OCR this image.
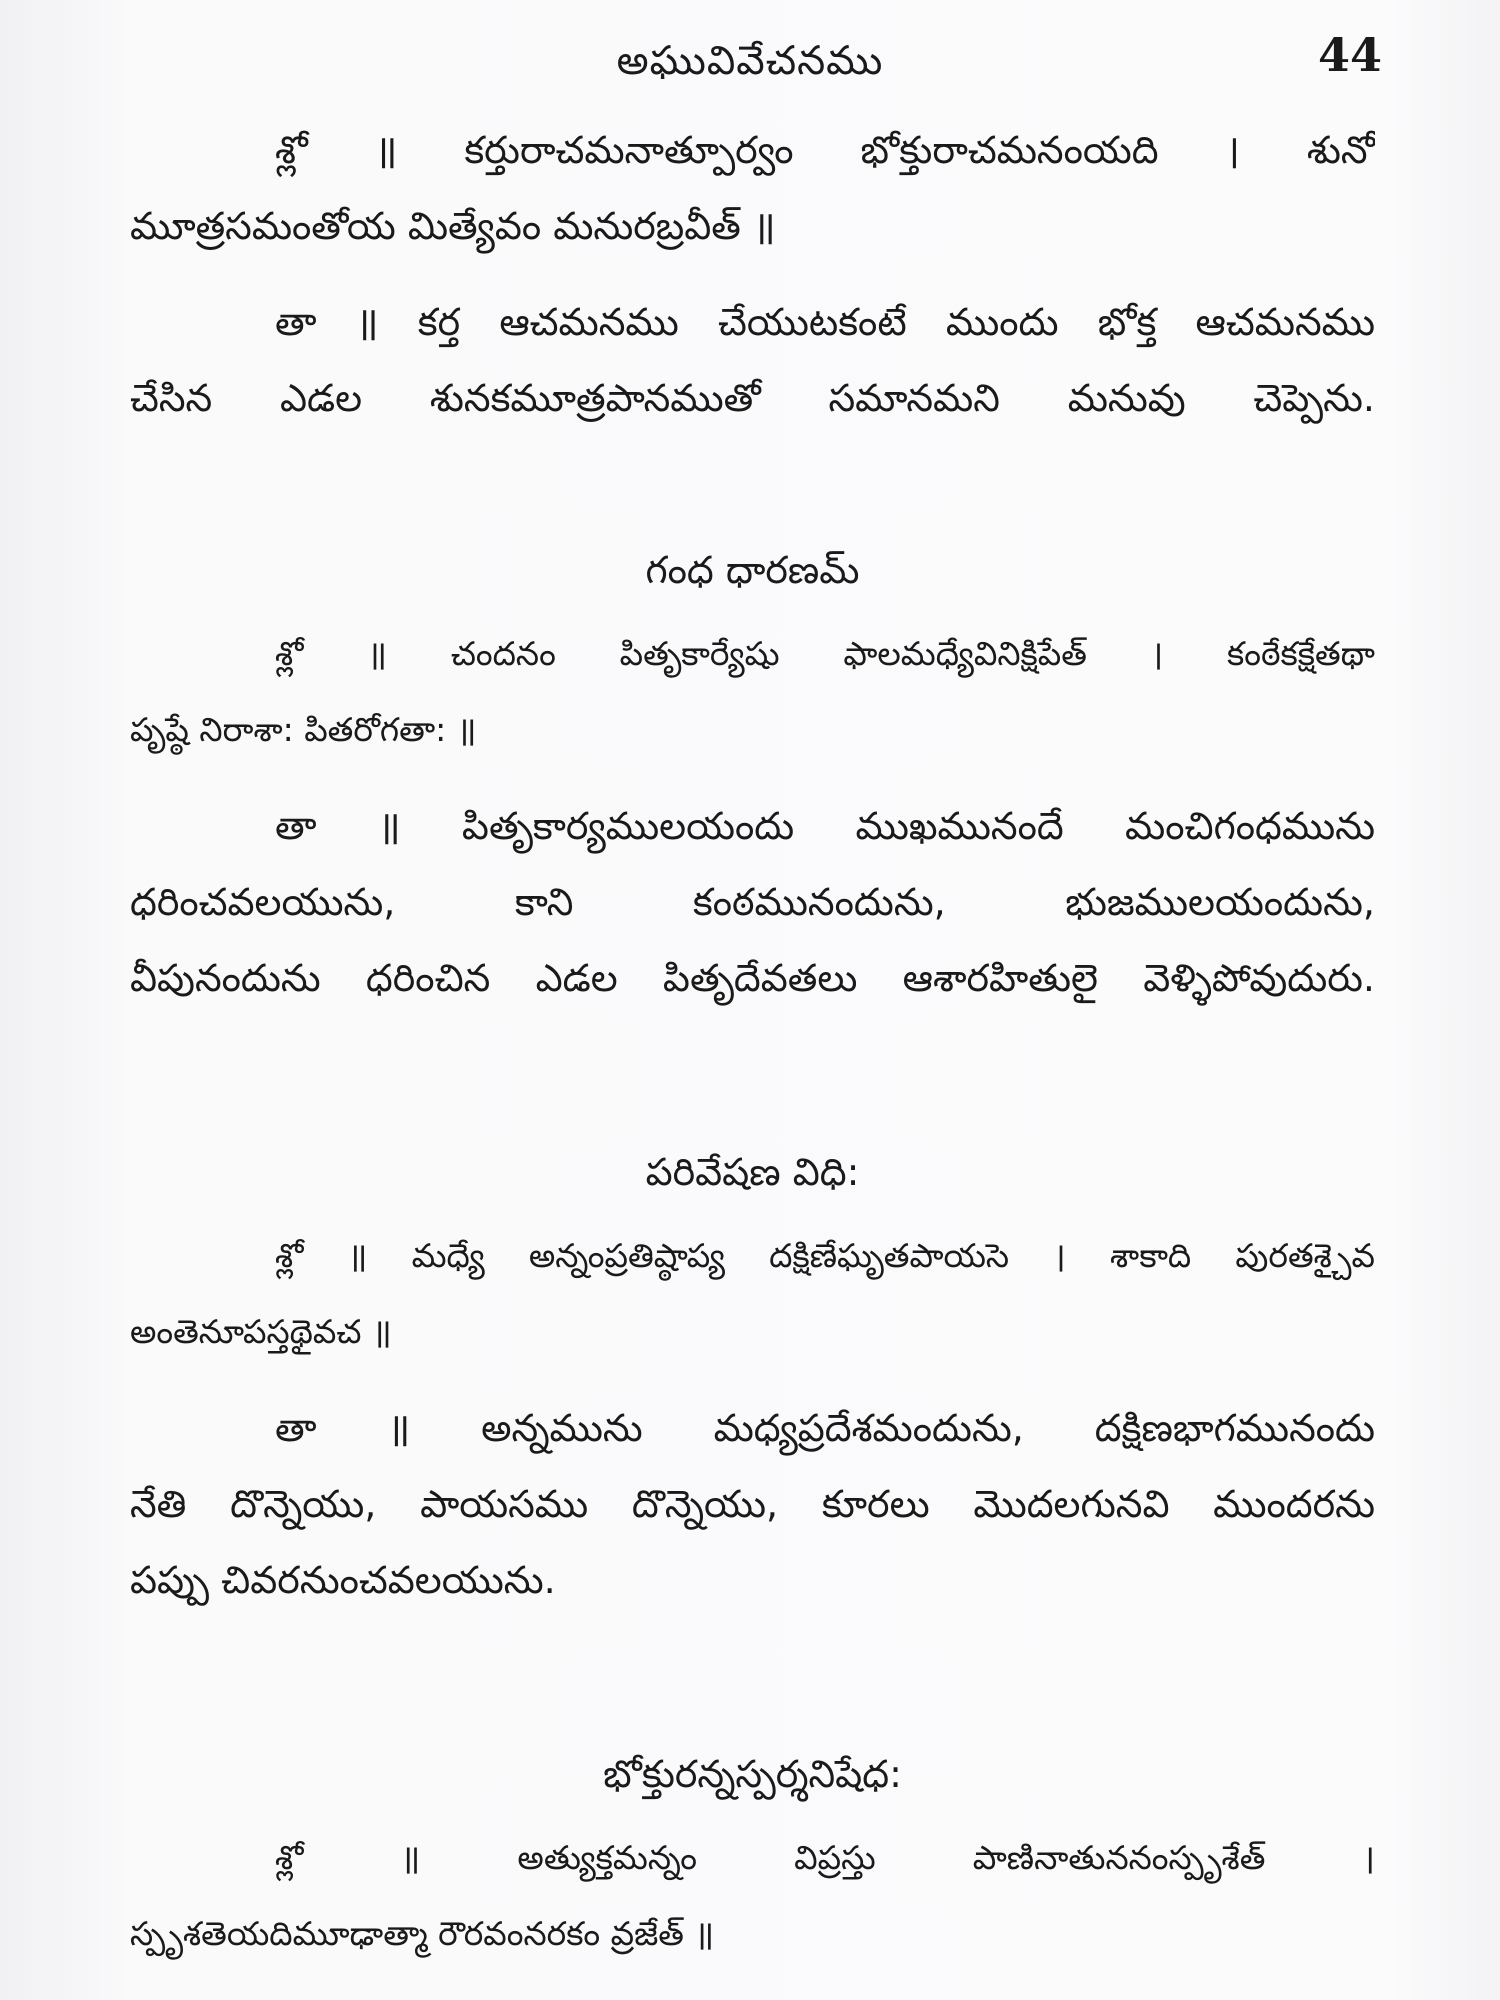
అఘువివేచనము	44
శ్లో ॥ కర్తురాచమనాత్పూర్వం భోక్తురాచమనంయది । శునో
మూత్రసమంతోయ మిత్యేవం మనురబ్రవీత్ ॥
తా ॥ కర్త ఆచమనము చేయుటకంటే ముందు భోక్త ఆచమనము
చేసిన ఎడల శునకమూత్రపానముతో సమానమని మనువు చెప్పెను.
గంధ ధారణమ్
శ్లో ॥ చందనం పితృకార్యేషు ఫాలమధ్యేవినిక్షిపేత్ । కంఠేకక్షేతథా
పృష్ఠే నిరాశా: పితరోగతా: ॥
తా ॥ పితృకార్యములయందు ముఖమునందే మంచిగంధమును
ధరించవలయును, కాని కంఠమునందును, భుజములయందును,
వీపునందును ధరించిన ఎడల పితృదేవతలు ఆశారహితులై వెళ్ళిపోవుదురు.
పరివేషణ విధి:
శ్లో ॥ మధ్యే అన్నంప్రతిష్ఠాప్య దక్షిణేఘృతపాయసె । శాకాది పురతశ్చైవ
అంతెనూపస్తథైవచ ॥
తా ॥ అన్నమును మధ్యప్రదేశమందును, దక్షిణభాగమునందు
నేతి దొన్నెయు, పాయసము దొన్నెయు, కూరలు మొదలగునవి ముందరను
పప్పు చివరనుంచవలయును.
భోక్తురన్నస్పర్శనిషేధ:
శ్లో ॥ అత్యుక్తమన్నం విప్రస్తు పాణినాతుననంస్పృశేత్ ।
స్పృశతెయదిమూఢాత్మా రౌరవంనరకం వ్రజేత్ ॥
